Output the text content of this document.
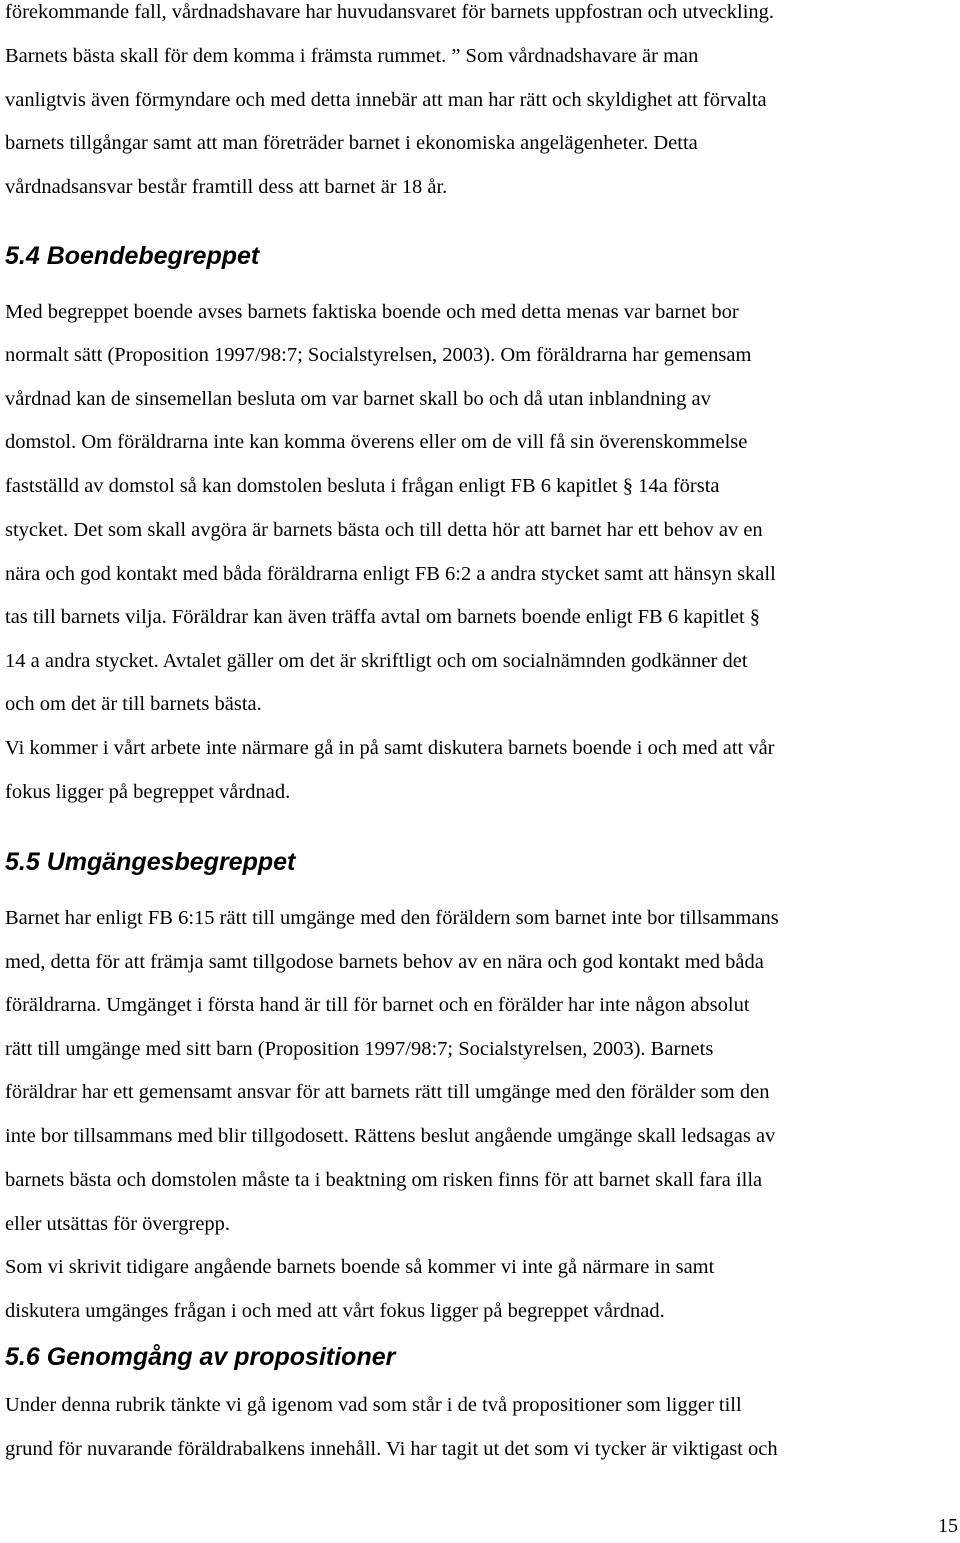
förekommande fall, vårdnadshavare har huvudansvaret för barnets uppfostran och utveckling.
Barnets bästa skall för dem komma i främsta rummet. ” Som vårdnadshavare är man
vanligtvis även förmyndare och med detta innebär att man har rätt och skyldighet att förvalta
barnets tillgångar samt att man företräder barnet i ekonomiska angelägenheter. Detta
vårdnadsansvar består framtill dess att barnet är 18 år.
5.4 Boendebegreppet
Med begreppet boende avses barnets faktiska boende och med detta menas var barnet bor
normalt sätt (Proposition 1997/98:7; Socialstyrelsen, 2003). Om föräldrarna har gemensam
vårdnad kan de sinsemellan besluta om var barnet skall bo och då utan inblandning av
domstol. Om föräldrarna inte kan komma överens eller om de vill få sin överenskommelse
fastställd av domstol så kan domstolen besluta i frågan enligt FB 6 kapitlet § 14a första
stycket. Det som skall avgöra är barnets bästa och till detta hör att barnet har ett behov av en
nära och god kontakt med båda föräldrarna enligt FB 6:2 a andra stycket samt att hänsyn skall
tas till barnets vilja. Föräldrar kan även träffa avtal om barnets boende enligt FB 6 kapitlet §
14 a andra stycket. Avtalet gäller om det är skriftligt och om socialnämnden godkänner det
och om det är till barnets bästa.
Vi kommer i vårt arbete inte närmare gå in på samt diskutera barnets boende i och med att vår
fokus ligger på begreppet vårdnad.
5.5 Umgängesbegreppet
Barnet har enligt FB 6:15 rätt till umgänge med den föräldern som barnet inte bor tillsammans
med, detta för att främja samt tillgodose barnets behov av en nära och god kontakt med båda
föräldrarna. Umgänget i första hand är till för barnet och en förälder har inte någon absolut
rätt till umgänge med sitt barn (Proposition 1997/98:7; Socialstyrelsen, 2003). Barnets
föräldrar har ett gemensamt ansvar för att barnets rätt till umgänge med den förälder som den
inte bor tillsammans med blir tillgodosett. Rättens beslut angående umgänge skall ledsagas av
barnets bästa och domstolen måste ta i beaktning om risken finns för att barnet skall fara illa
eller utsättas för övergrepp.
Som vi skrivit tidigare angående barnets boende så kommer vi inte gå närmare in samt
diskutera umgänges frågan i och med att vårt fokus ligger på begreppet vårdnad.
5.6 Genomgång av propositioner
Under denna rubrik tänkte vi gå igenom vad som står i de två propositioner som ligger till
grund för nuvarande föräldrabalkens innehåll. Vi har tagit ut det som vi tycker är viktigast och
15
